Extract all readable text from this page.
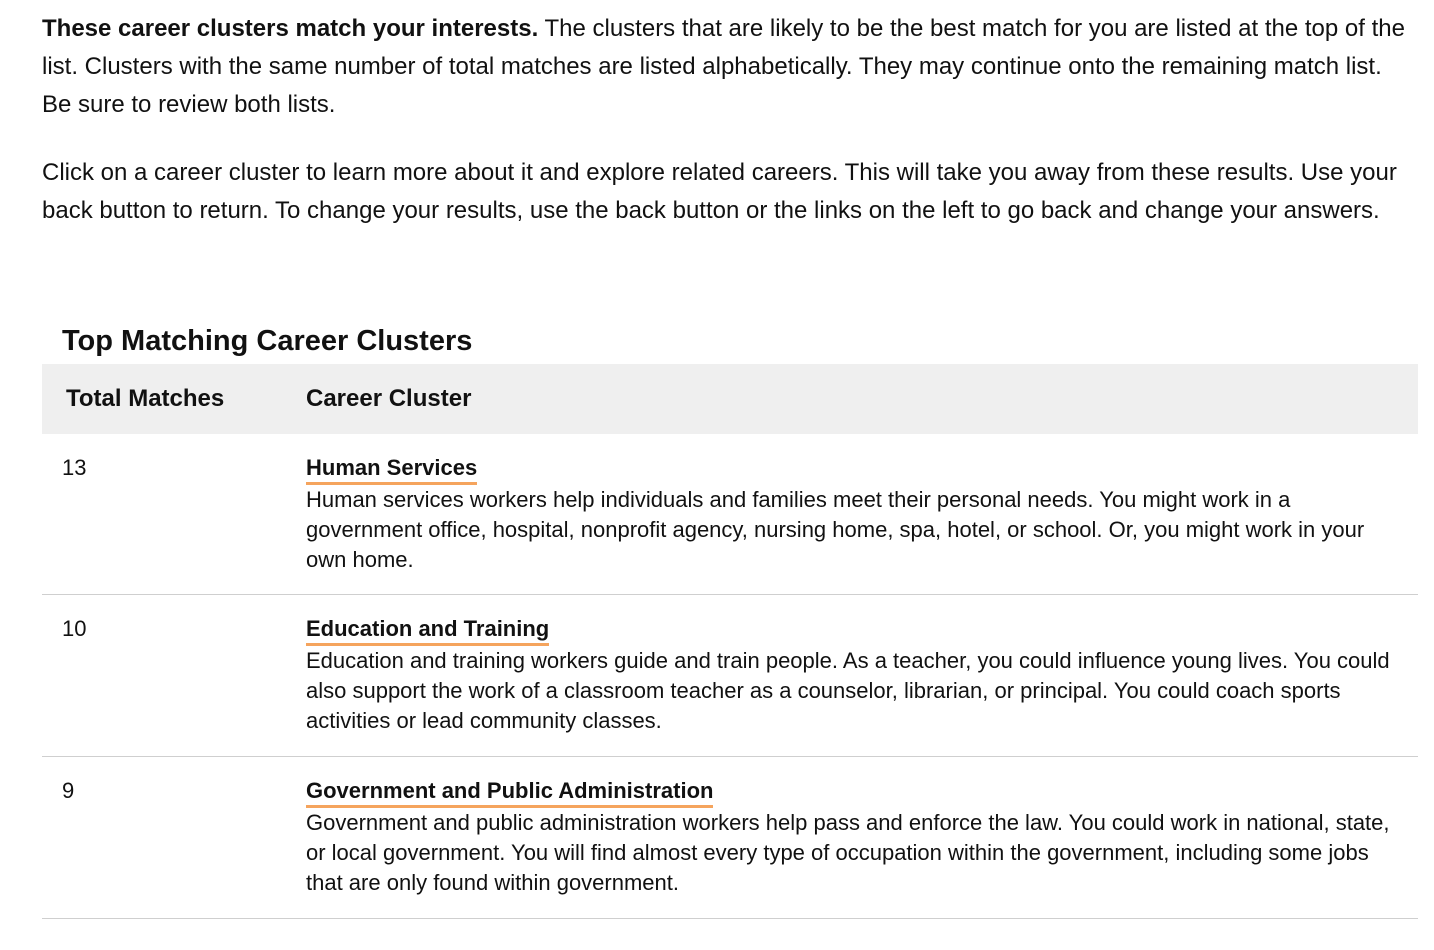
These career clusters match your interests. The clusters that are likely to be the best match for you are listed at the top of the list. Clusters with the same number of total matches are listed alphabetically. They may continue onto the remaining match list. Be sure to review both lists.

Click on a career cluster to learn more about it and explore related careers. This will take you away from these results. Use your back button to return. To change your results, use the back button or the links on the left to go back and change your answers.

Top Matching Career Clusters
Total Matches	Career Cluster
13	Human Services

Human services workers help individuals and families meet their personal needs. You might work in a government office, hospital, nonprofit agency, nursing home, spa, hotel, or school. Or, you might work in your own home.

10	Education and Training

Education and training workers guide and train people. As a teacher, you could influence young lives. You could also support the work of a classroom teacher as a counselor, librarian, or principal. You could coach sports activities or lead community classes.

9	Government and Public Administration

Government and public administration workers help pass and enforce the law. You could work in national, state, or local government. You will find almost every type of occupation within the government, including some jobs that are only found within government.
